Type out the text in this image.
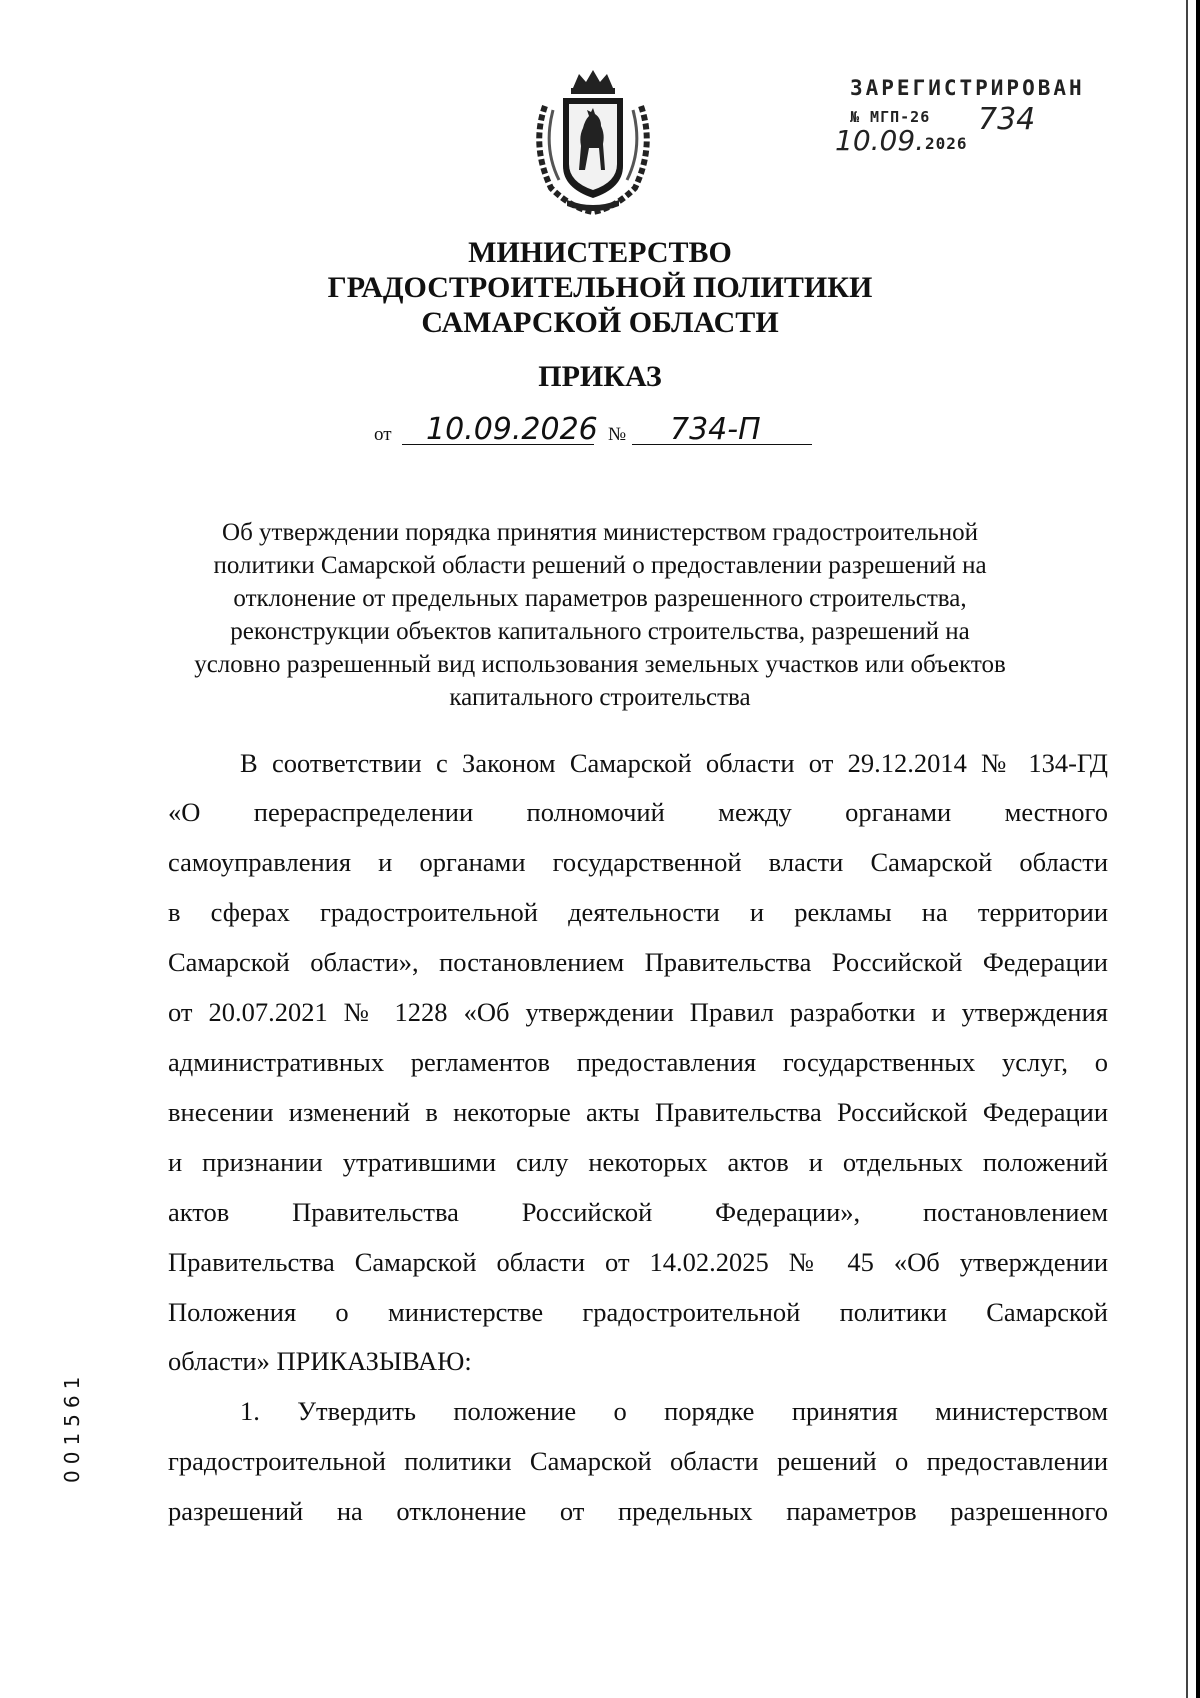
ЗАРЕГИСТРИРОВАН
№ МГП-26 734
10.09. 2026
МИНИСТЕРСТВО
ГРАДОСТРОИТЕЛЬНОЙ ПОЛИТИКИ
САМАРСКОЙ ОБЛАСТИ
ПРИКАЗ
от 10.09.2026 № 734-П
Об утверждении порядка принятия министерством градостроительной
политики Самарской области решений о предоставлении разрешений на
отклонение от предельных параметров разрешенного строительства,
реконструкции объектов капитального строительства, разрешений на
условно разрешенный вид использования земельных участков или объектов
капитального строительства
В соответствии с Законом Самарской области от 29.12.2014 № 134-ГД
«О перераспределении полномочий между органами местного
самоуправления и органами государственной власти Самарской области
в сферах градостроительной деятельности и рекламы на территории
Самарской области», постановлением Правительства Российской Федерации
от 20.07.2021 № 1228 «Об утверждении Правил разработки и утверждения
административных регламентов предоставления государственных услуг, о
внесении изменений в некоторые акты Правительства Российской Федерации
и признании утратившими силу некоторых актов и отдельных положений
актов Правительства Российской Федерации», постановлением
Правительства Самарской области от 14.02.2025 № 45 «Об утверждении
Положения о министерстве градостроительной политики Самарской
области» ПРИКАЗЫВАЮ:
1. Утвердить положение о порядке принятия министерством
градостроительной политики Самарской области решений о предоставлении
разрешений на отклонение от предельных параметров разрешенного
001561
